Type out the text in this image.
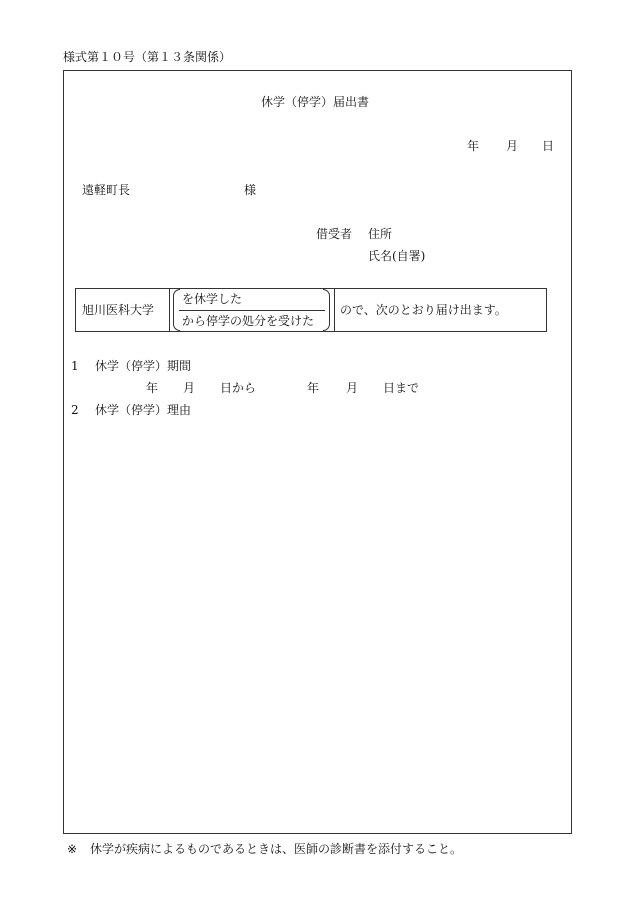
様式第１０号（第１３条関係）
休学（停学）届出書
年 月 日
遠軽町長	様
借受者 住所
氏名(自署)
旭川医科大学
を休学した
から停学の処分を受けた
ので、次のとおり届け出ます。
1 休学（停学）期間
年 月 日から	年 月 日まで
2 休学（停学）理由
※ 休学が疾病によるものであるときは、医師の診断書を添付すること。
